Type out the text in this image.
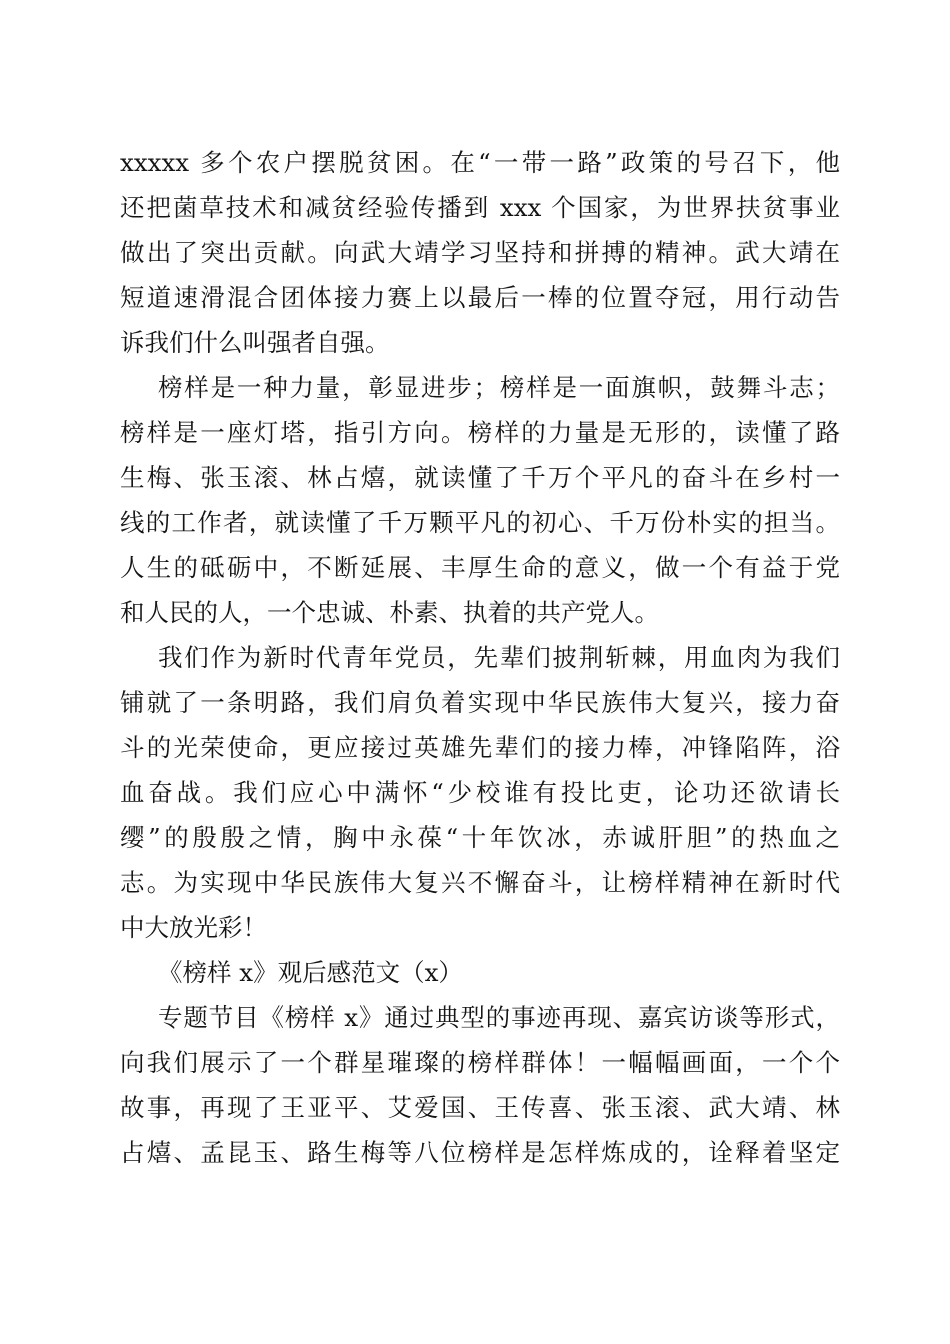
xxxxx 多个农户摆脱贫困。在“一带一路”政策的号召下，他
还把菌草技术和减贫经验传播到 xxx 个国家，为世界扶贫事业
做出了突出贡献。向武大靖学习坚持和拼搏的精神。武大靖在
短道速滑混合团体接力赛上以最后一棒的位置夺冠，用行动告
诉我们什么叫强者自强。
榜样是一种力量，彰显进步；榜样是一面旗帜，鼓舞斗志；
榜样是一座灯塔，指引方向。榜样的力量是无形的，读懂了路
生梅、张玉滚、林占熺，就读懂了千万个平凡的奋斗在乡村一
线的工作者，就读懂了千万颗平凡的初心、千万份朴实的担当。
人生的砥砺中，不断延展、丰厚生命的意义，做一个有益于党
和人民的人，一个忠诚、朴素、执着的共产党人。
我们作为新时代青年党员，先辈们披荆斩棘，用血肉为我们
铺就了一条明路，我们肩负着实现中华民族伟大复兴，接力奋
斗的光荣使命，更应接过英雄先辈们的接力棒，冲锋陷阵，浴
血奋战。我们应心中满怀“少校谁有投比吏，论功还欲请长
缨”的殷殷之情，胸中永葆“十年饮冰，赤诚肝胆”的热血之
志。为实现中华民族伟大复兴不懈奋斗，让榜样精神在新时代
中大放光彩！
《榜样 x》观后感范文（x）
专题节目《榜样 x》通过典型的事迹再现、嘉宾访谈等形式，
向我们展示了一个群星璀璨的榜样群体！一幅幅画面，一个个
故事，再现了王亚平、艾爱国、王传喜、张玉滚、武大靖、林
占熺、孟昆玉、路生梅等八位榜样是怎样炼成的，诠释着坚定
